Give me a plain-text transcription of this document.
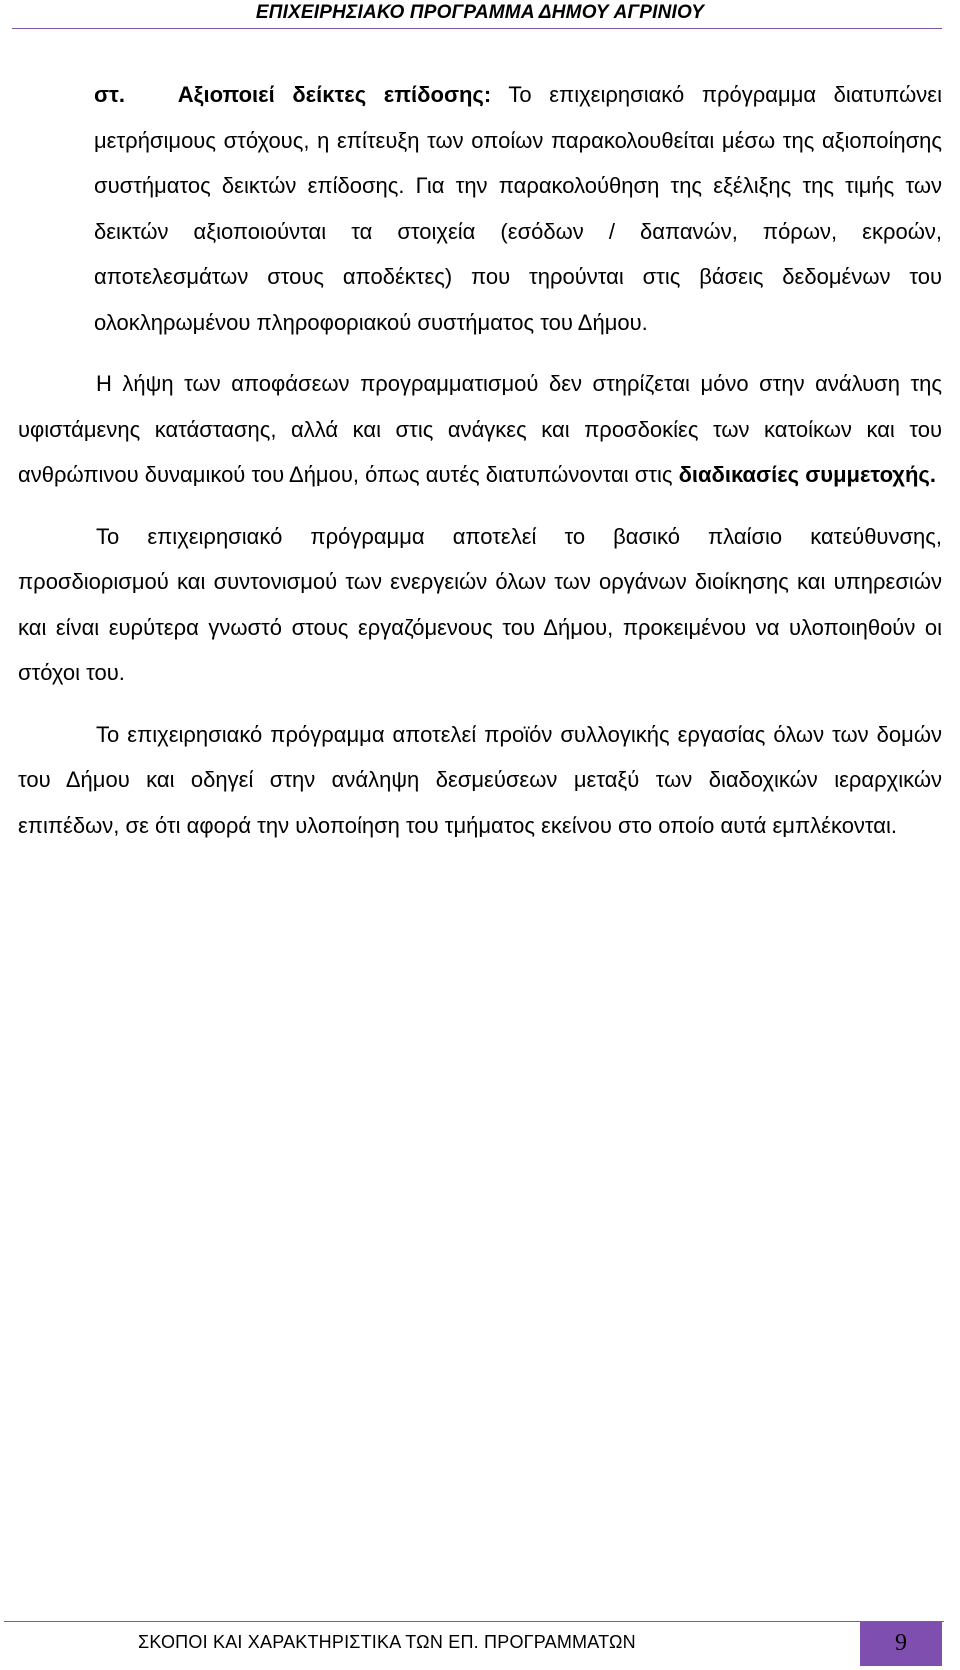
ΕΠΙΧΕΙΡΗΣΙΑΚΟ ΠΡΟΓΡΑΜΜΑ ΔΗΜΟΥ ΑΓΡΙΝΙΟΥ

στ. Αξιοποιεί δείκτες επίδοσης: Το επιχειρησιακό πρόγραμμα διατυπώνει μετρήσιμους στόχους, η επίτευξη των οποίων παρακολουθείται μέσω της αξιοποίησης συστήματος δεικτών επίδοσης. Για την παρακολούθηση της εξέλιξης της τιμής των δεικτών αξιοποιούνται τα στοιχεία (εσόδων / δαπανών, πόρων, εκροών, αποτελεσμάτων στους αποδέκτες) που τηρούνται στις βάσεις δεδομένων του ολοκληρωμένου πληροφοριακού συστήματος του Δήμου.

Η λήψη των αποφάσεων προγραμματισμού δεν στηρίζεται μόνο στην ανάλυση της υφιστάμενης κατάστασης, αλλά και στις ανάγκες και προσδοκίες των κατοίκων και του ανθρώπινου δυναμικού του Δήμου, όπως αυτές διατυπώνονται στις διαδικασίες συμμετοχής.

Το επιχειρησιακό πρόγραμμα αποτελεί το βασικό πλαίσιο κατεύθυνσης, προσδιορισμού και συντονισμού των ενεργειών όλων των οργάνων διοίκησης και υπηρεσιών και είναι ευρύτερα γνωστό στους εργαζόμενους του Δήμου, προκειμένου να υλοποιηθούν οι στόχοι του.

Το επιχειρησιακό πρόγραμμα αποτελεί προϊόν συλλογικής εργασίας όλων των δομών του Δήμου και οδηγεί στην ανάληψη δεσμεύσεων μεταξύ των διαδοχικών ιεραρχικών επιπέδων, σε ότι αφορά την υλοποίηση του τμήματος εκείνου στο οποίο αυτά εμπλέκονται.

ΣΚΟΠΟΙ ΚΑΙ ΧΑΡΑΚΤΗΡΙΣΤΙΚΑ ΤΩΝ ΕΠ. ΠΡΟΓΡΑΜΜΑΤΩΝ	9
